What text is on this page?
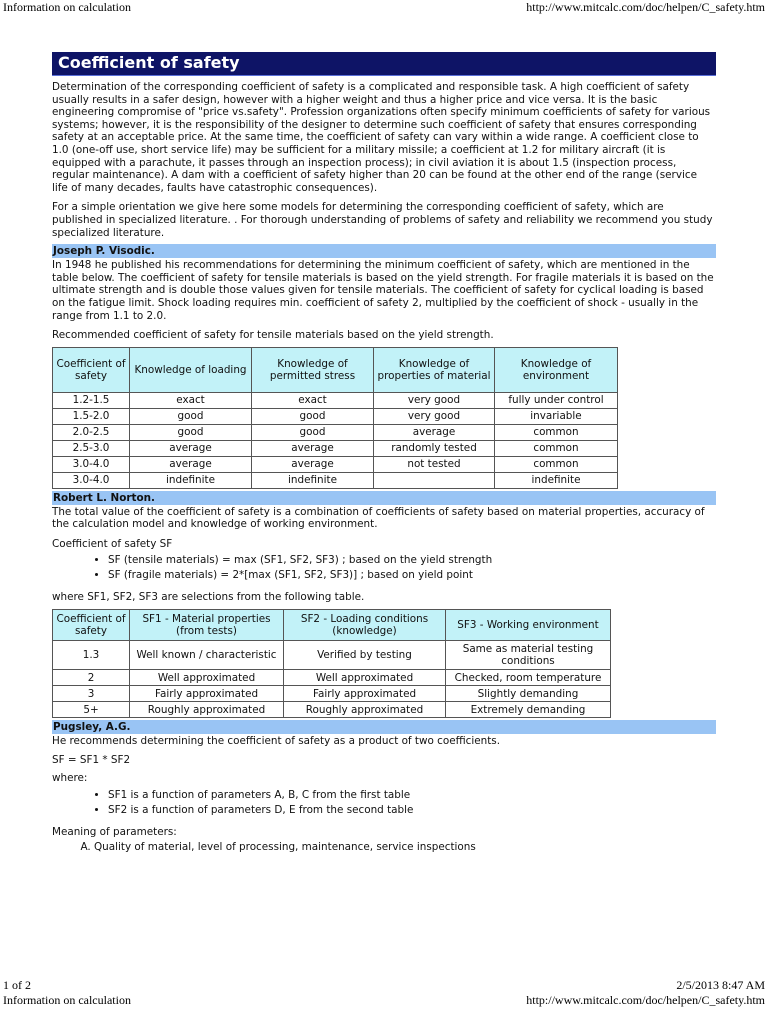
Information on calculation	http://www.mitcalc.com/doc/helpen/C_safety.htm
Coefficient of safety

Determination of the corresponding coefficient of safety is a complicated and responsible task. A high coefficient of safety usually results in a safer design, however with a higher weight and thus a higher price and vice versa. It is the basic engineering compromise of "price vs.safety". Profession organizations often specify minimum coefficients of safety for various systems; however, it is the responsibility of the designer to determine such coefficient of safety that ensures corresponding safety at an acceptable price. At the same time, the coefficient of safety can vary within a wide range. A coefficient close to 1.0 (one-off use, short service life) may be sufficient for a military missile; a coefficient at 1.2 for military aircraft (it is equipped with a parachute, it passes through an inspection process); in civil aviation it is about 1.5 (inspection process, regular maintenance). A dam with a coefficient of safety higher than 20 can be found at the other end of the range (service life of many decades, faults have catastrophic consequences).

For a simple orientation we give here some models for determining the corresponding coefficient of safety, which are published in specialized literature. . For thorough understanding of problems of safety and reliability we recommend you study specialized literature.

Joseph P. Visodic.

In 1948 he published his recommendations for determining the minimum coefficient of safety, which are mentioned in the table below. The coefficient of safety for tensile materials is based on the yield strength. For fragile materials it is based on the ultimate strength and is double those values given for tensile materials. The coefficient of safety for cyclical loading is based on the fatigue limit. Shock loading requires min. coefficient of safety 2, multiplied by the coefficient of shock - usually in the range from 1.1 to 2.0.

Recommended coefficient of safety for tensile materials based on the yield strength.
Coefficient of safety	Knowledge of loading	Knowledge of permitted stress	Knowledge of properties of material	Knowledge of environment
1.2-1.5	exact	exact	very good	fully under control
1.5-2.0	good	good	very good	invariable
2.0-2.5	good	good	average	common
2.5-3.0	average	average	randomly tested	common
3.0-4.0	average	average	not tested	common
3.0-4.0	indefinite	indefinite		indefinite
Robert L. Norton.

The total value of the coefficient of safety is a combination of coefficients of safety based on material properties, accuracy of the calculation model and knowledge of working environment.

Coefficient of safety SF
• SF (tensile materials) = max (SF1, SF2, SF3) ; based on the yield strength
• SF (fragile materials) = 2*[max (SF1, SF2, SF3)] ; based on yield point
where SF1, SF2, SF3 are selections from the following table.
Coefficient of safety	SF1 - Material properties (from tests)	SF2 - Loading conditions (knowledge)	SF3 - Working environment
1.3	Well known / characteristic	Verified by testing	Same as material testing conditions
2	Well approximated	Well approximated	Checked, room temperature
3	Fairly approximated	Fairly approximated	Slightly demanding
5+	Roughly approximated	Roughly approximated	Extremely demanding
Pugsley, A.G.

He recommends determining the coefficient of safety as a product of two coefficients.

SF = SF1 * SF2

where:
• SF1 is a function of parameters A, B, C from the first table
• SF2 is a function of parameters D, E from the second table
Meaning of parameters:
A. Quality of material, level of processing, maintenance, service inspections
1 of 2	2/5/2013 8:47 AM
Information on calculation	http://www.mitcalc.com/doc/helpen/C_safety.htm
